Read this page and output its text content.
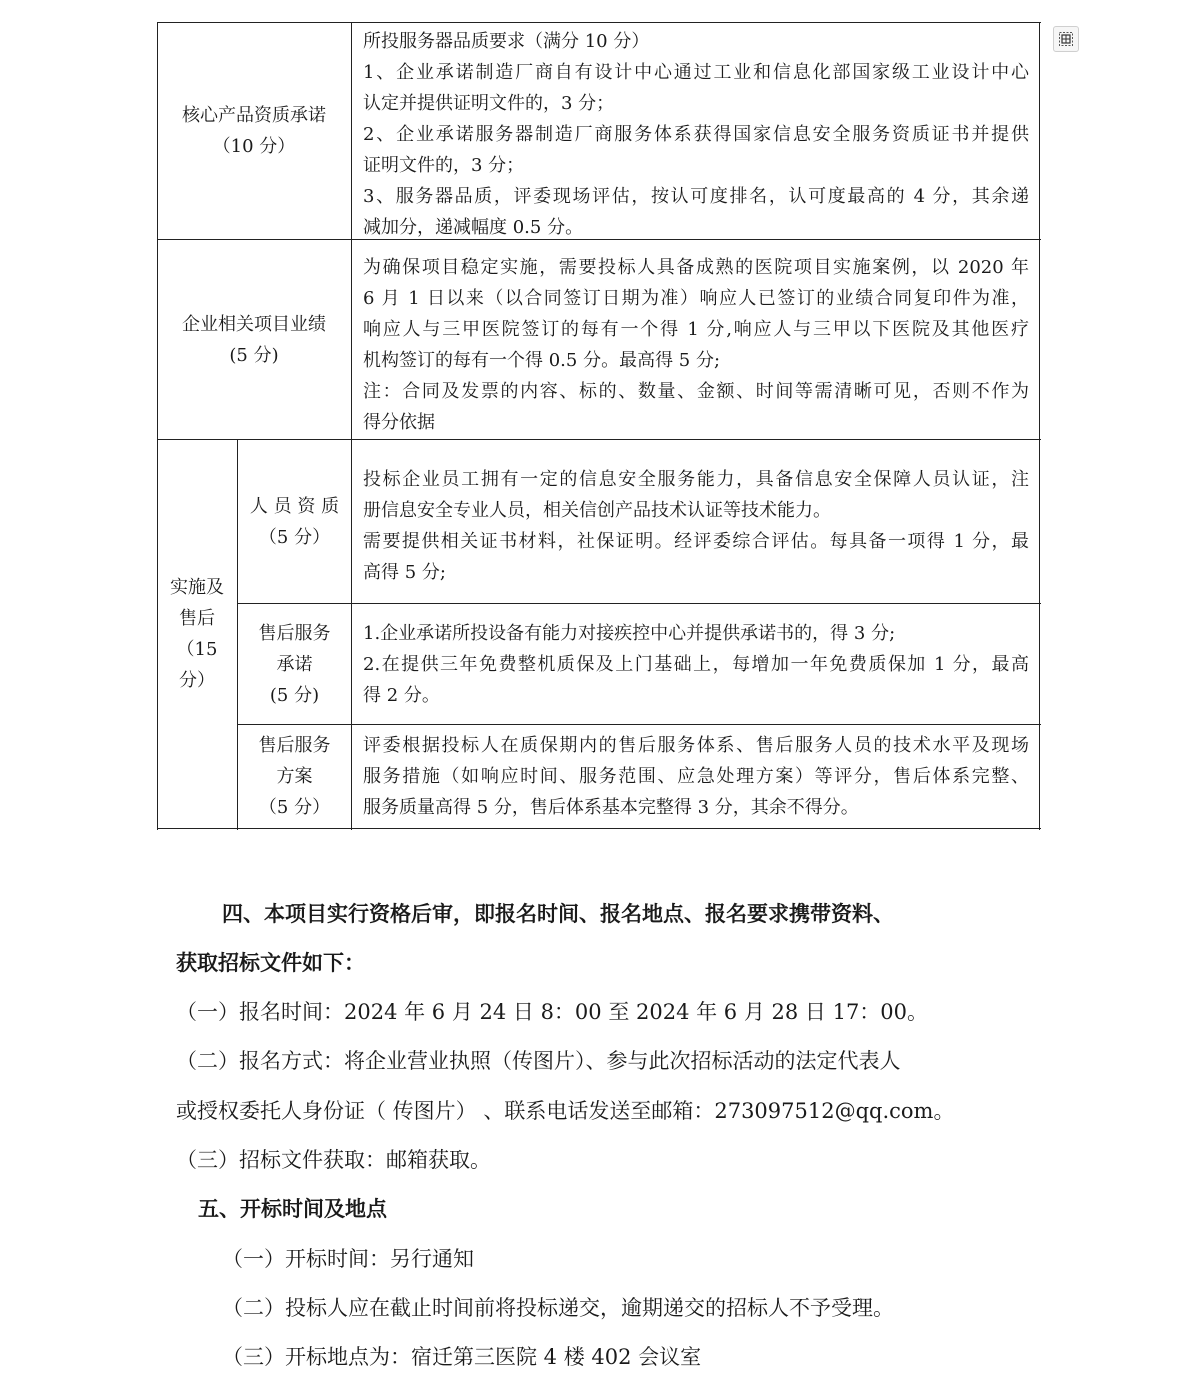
核心产品资质承诺
（10 分）
所投服务器品质要求（满分 10 分）
1、企业承诺制造厂商自有设计中心通过工业和信息化部国家级工业设计中心
认定并提供证明文件的，3 分；
2、企业承诺服务器制造厂商服务体系获得国家信息安全服务资质证书并提供
证明文件的，3 分；
3、服务器品质，评委现场评估，按认可度排名，认可度最高的 4 分，其余递
减加分，递减幅度 0.5 分。
企业相关项目业绩
(5 分)
为确保项目稳定实施，需要投标人具备成熟的医院项目实施案例，以 2020 年
6 月 1 日以来（以合同签订日期为准）响应人已签订的业绩合同复印件为准，
响应人与三甲医院签订的每有一个得 1 分,响应人与三甲以下医院及其他医疗
机构签订的每有一个得 0.5 分。最高得 5 分;
注：合同及发票的内容、标的、数量、金额、时间等需清晰可见，否则不作为
得分依据
实施及
售后
（15
分）
人 员 资 质
（5 分）
投标企业员工拥有一定的信息安全服务能力，具备信息安全保障人员认证，注
册信息安全专业人员，相关信创产品技术认证等技术能力。
需要提供相关证书材料，社保证明。经评委综合评估。每具备一项得 1 分，最
高得 5 分;
售后服务
承诺
(5 分)
1.企业承诺所投设备有能力对接疾控中心并提供承诺书的，得 3 分;
2.在提供三年免费整机质保及上门基础上，每增加一年免费质保加 1 分，最高
得 2 分。
售后服务
方案
（5 分）
评委根据投标人在质保期内的售后服务体系、售后服务人员的技术水平及现场
服务措施（如响应时间、服务范围、应急处理方案）等评分，售后体系完整、
服务质量高得 5 分，售后体系基本完整得 3 分，其余不得分。
四、本项目实行资格后审，即报名时间、报名地点、报名要求携带资料、
获取招标文件如下：
（一）报名时间：2024 年 6 月 24 日 8：00 至 2024 年 6 月 28 日 17：00。
（二）报名方式：将企业营业执照（传图片）、参与此次招标活动的法定代表人
或授权委托人身份证（ 传图片） 、联系电话发送至邮箱：273097512@qq.com。
（三）招标文件获取：邮箱获取。
五、开标时间及地点
（一）开标时间：另行通知
（二）投标人应在截止时间前将投标递交，逾期递交的招标人不予受理。
（三）开标地点为：宿迁第三医院 4 楼 402 会议室
